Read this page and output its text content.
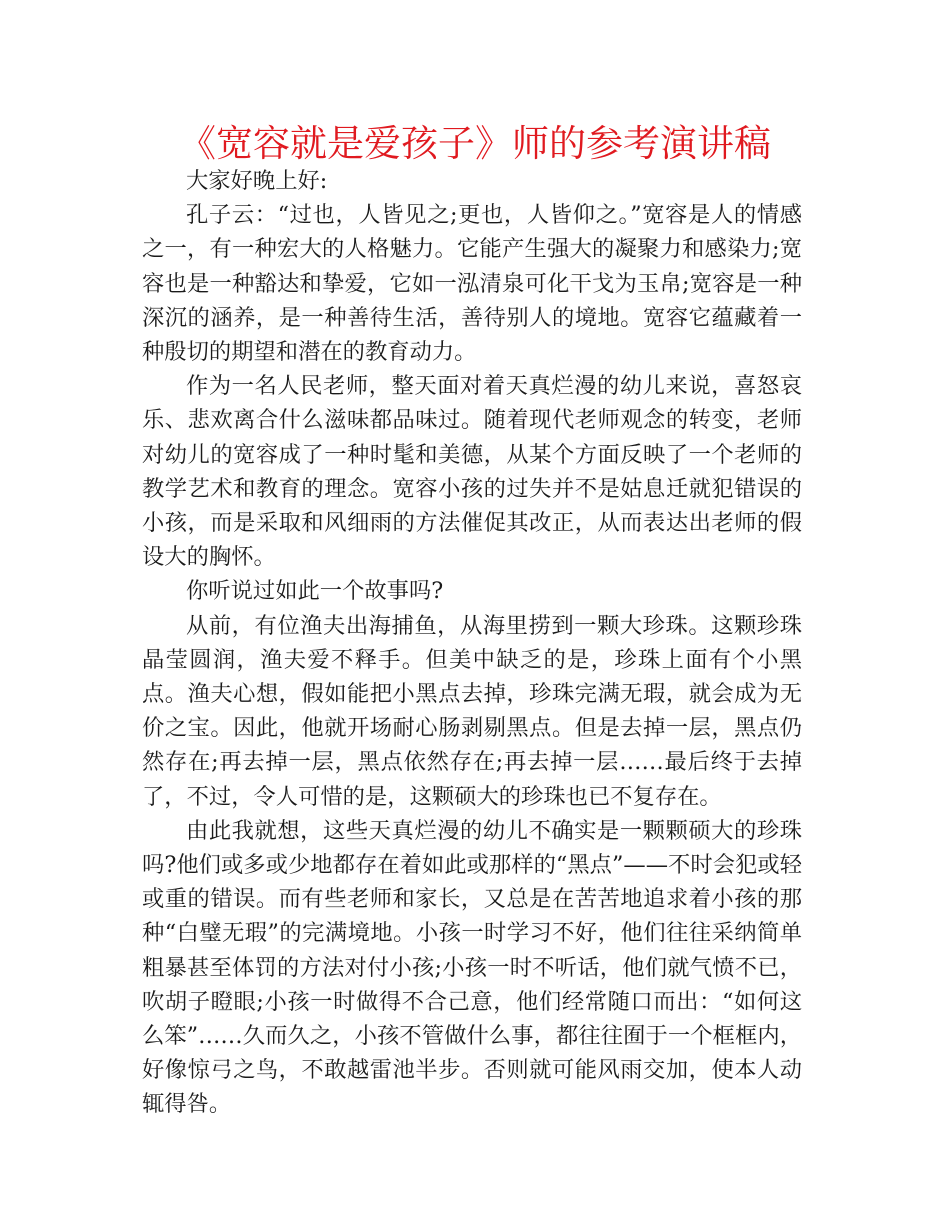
《宽容就是爱孩子》师的参考演讲稿

大家好晚上好:

孔子云：“过也，人皆见之;更也，人皆仰之。”宽容是人的情感之一，有一种宏大的人格魅力。它能产生强大的凝聚力和感染力;宽容也是一种豁达和挚爱，它如一泓清泉可化干戈为玉帛;宽容是一种深沉的涵养，是一种善待生活，善待别人的境地。宽容它蕴藏着一种殷切的期望和潜在的教育动力。

作为一名人民老师，整天面对着天真烂漫的幼儿来说，喜怒哀乐、悲欢离合什么滋味都品味过。随着现代老师观念的转变，老师对幼儿的宽容成了一种时髦和美德，从某个方面反映了一个老师的教学艺术和教育的理念。宽容小孩的过失并不是姑息迁就犯错误的小孩，而是采取和风细雨的方法催促其改正，从而表达出老师的假设大的胸怀。

你听说过如此一个故事吗?

从前，有位渔夫出海捕鱼，从海里捞到一颗大珍珠。这颗珍珠晶莹圆润，渔夫爱不释手。但美中缺乏的是，珍珠上面有个小黑点。渔夫心想，假如能把小黑点去掉，珍珠完满无瑕，就会成为无价之宝。因此，他就开场耐心肠剥剔黑点。但是去掉一层，黑点仍然存在;再去掉一层，黑点依然存在;再去掉一层……最后终于去掉了，不过，令人可惜的是，这颗硕大的珍珠也已不复存在。

由此我就想，这些天真烂漫的幼儿不确实是一颗颗硕大的珍珠吗?他们或多或少地都存在着如此或那样的“黑点”——不时会犯或轻或重的错误。而有些老师和家长，又总是在苦苦地追求着小孩的那种“白璧无瑕”的完满境地。小孩一时学习不好，他们往往采纳简单粗暴甚至体罚的方法对付小孩;小孩一时不听话，他们就气愤不已，吹胡子瞪眼;小孩一时做得不合己意，他们经常随口而出：“如何这么笨”……久而久之，小孩不管做什么事，都往往囿于一个框框内，好像惊弓之鸟，不敢越雷池半步。否则就可能风雨交加，使本人动辄得咎。
